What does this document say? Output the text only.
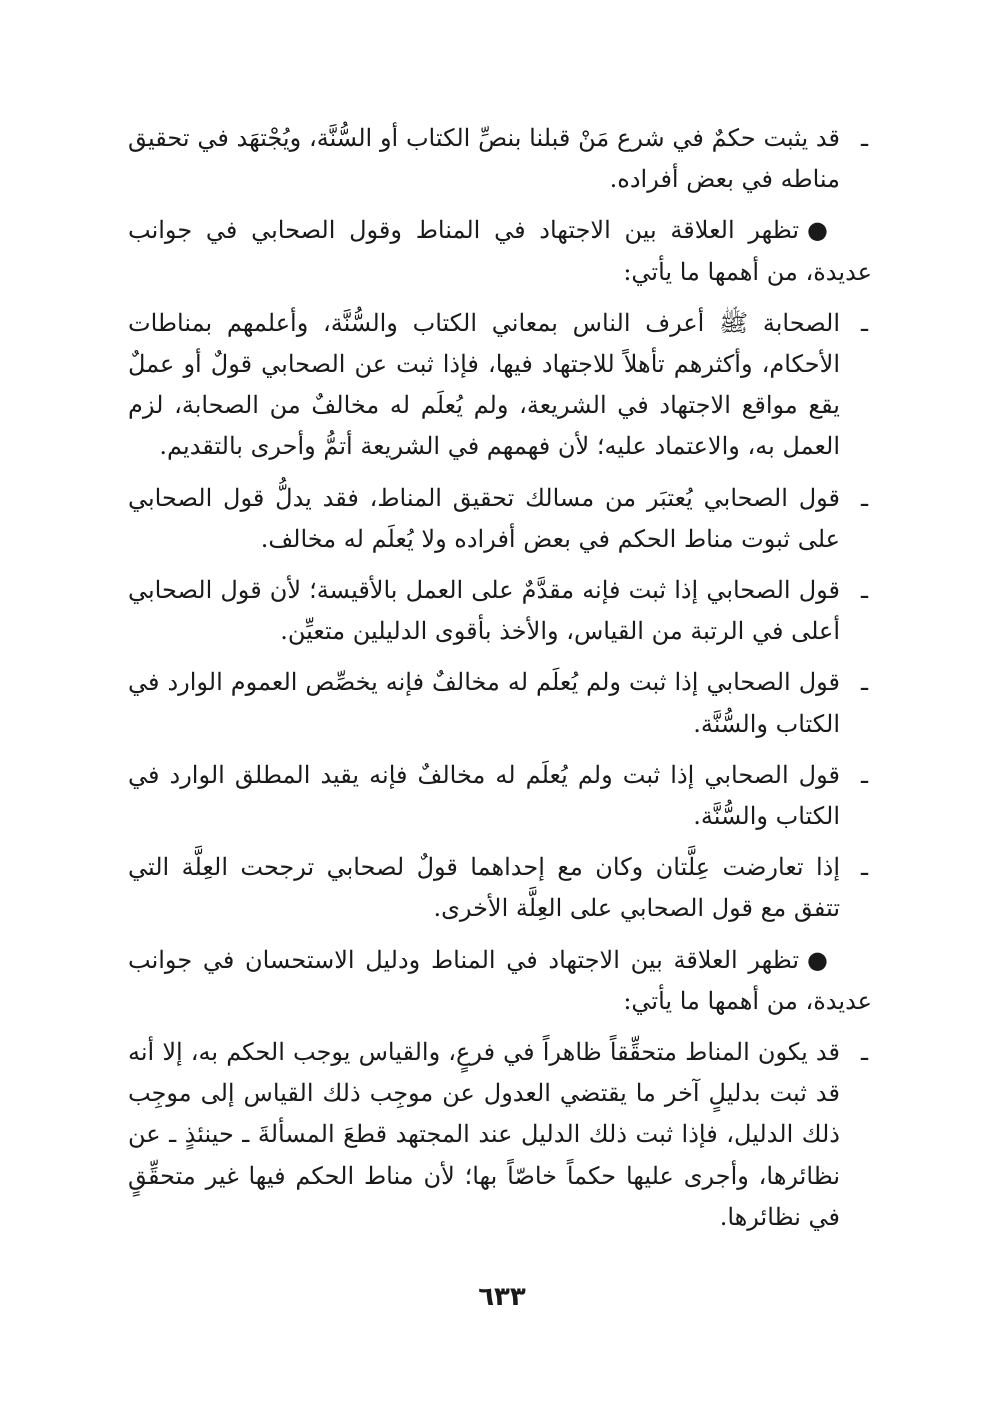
ـ
قد يثبت حكمٌ في شرع مَنْ قبلنا بنصِّ الكتاب أو السُّنَّة، ويُجْتهَد في تحقيق مناطه في بعض أفراده.
●تظهر العلاقة بين الاجتهاد في المناط وقول الصحابي في جوانب عديدة، من أهمها ما يأتي:
ـ
الصحابة ﷺ أعرف الناس بمعاني الكتاب والسُّنَّة، وأعلمهم بمناطات الأحكام، وأكثرهم تأهلاً للاجتهاد فيها، فإذا ثبت عن الصحابي قولٌ أو عملٌ يقع مواقع الاجتهاد في الشريعة، ولم يُعلَم له مخالفٌ من الصحابة، لزم العمل به، والاعتماد عليه؛ لأن فهمهم في الشريعة أتمُّ وأحرى بالتقديم.
ـ
قول الصحابي يُعتبَر من مسالك تحقيق المناط، فقد يدلُّ قول الصحابي على ثبوت مناط الحكم في بعض أفراده ولا يُعلَم له مخالف.
ـ
قول الصحابي إذا ثبت فإنه مقدَّمٌ على العمل بالأقيسة؛ لأن قول الصحابي أعلى في الرتبة من القياس، والأخذ بأقوى الدليلين متعيِّن.
ـ
قول الصحابي إذا ثبت ولم يُعلَم له مخالفٌ فإنه يخصِّص العموم الوارد في الكتاب والسُّنَّة.
ـ
قول الصحابي إذا ثبت ولم يُعلَم له مخالفٌ فإنه يقيد المطلق الوارد في الكتاب والسُّنَّة.
ـ
إذا تعارضت عِلَّتان وكان مع إحداهما قولٌ لصحابي ترجحت العِلَّة التي تتفق مع قول الصحابي على العِلَّة الأخرى.
●تظهر العلاقة بين الاجتهاد في المناط ودليل الاستحسان في جوانب عديدة، من أهمها ما يأتي:
ـ
قد يكون المناط متحقِّقاً ظاهراً في فرعٍ، والقياس يوجب الحكم به، إلا أنه قد ثبت بدليلٍ آخر ما يقتضي العدول عن موجِب ذلك القياس إلى موجِب ذلك الدليل، فإذا ثبت ذلك الدليل عند المجتهد قطعَ المسألةَ ـ حينئذٍ ـ عن نظائرها، وأجرى عليها حكماً خاصّاً بها؛ لأن مناط الحكم فيها غير متحقِّقٍ في نظائرها.
٦٣٣
